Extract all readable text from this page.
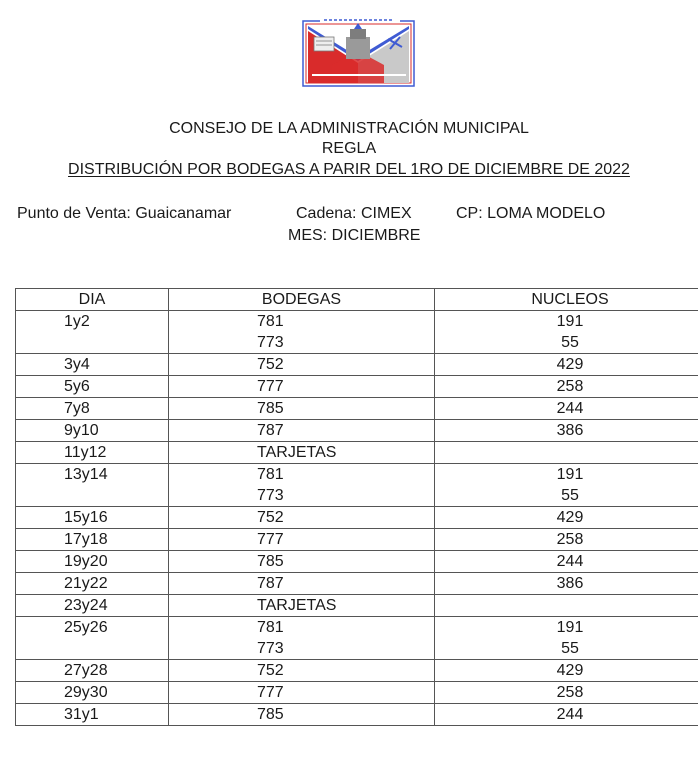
CONSEJO DE LA ADMINISTRACIÓN MUNICIPAL
REGLA
DISTRIBUCIÓN POR BODEGAS A PARIR DEL 1RO DE DICIEMBRE DE 2022
Punto de Venta: Guaicanamar	Cadena: CIMEX	CP: LOMA MODELO
MES: DICIEMBRE
DIA	BODEGAS	NUCLEOS
1y2	781	191
	773	55
3y4	752	429
5y6	777	258
7y8	785	244
9y10	787	386
11y12	TARJETAS	
13y14	781	191
	773	55
15y16	752	429
17y18	777	258
19y20	785	244
21y22	787	386
23y24	TARJETAS	
25y26	781	191
	773	55
27y28	752	429
29y30	777	258
31y1	785	244
